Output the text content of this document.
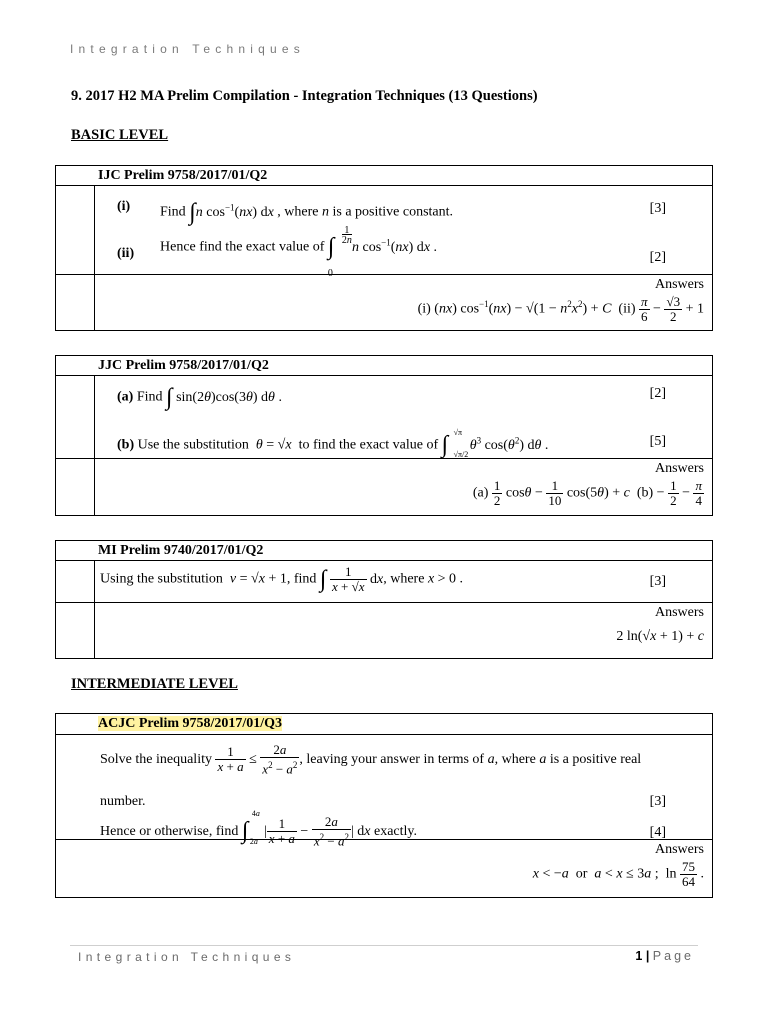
Integration Techniques
9. 2017 H2 MA Prelim Compilation - Integration Techniques (13 Questions)
BASIC LEVEL
IJC Prelim 9758/2017/01/Q2
(i) Find ∫n $\cos^{-1}(nx)$ dx , where n is a positive constant.	[3]
(ii) Hence find the exact value of ∫
1
2n
0
n $\cos^{-1}(nx)$ dx .
[2]
Answers
(i) (nx) $\cos^{-1}(nx) - √(1 - n^2x^2) + C$  $(ii) \frac{\pi}{6} - \frac{√3}{2} + 1$
JJC Prelim 9758/2017/01/Q2
(a) Find ∫ sin(2θ)cos(3θ) dθ .	[2]
(b) Use the substitution θ = √x to find the exact value of ∫ √π
√π/2
$\theta^3$ $\cos(\theta^2)$ dθ .	[5]
Answers
$(a) \frac{1}{2}$ $\cos\theta - \frac{1}{10} \cos(5\theta) + c$  $(b) - \frac{1}{2} - \frac{\pi}{4}$
MI Prelim 9740/2017/01/Q2
Using the substitution v = √x + 1, find ∫ $\frac{1}{x + √x}$ dx, where x > 0 .	[3]
Answers
2 ln(√x + 1) + c
INTERMEDIATE LEVEL
ACJC Prelim 9758/2017/01/Q3
Solve the inequality $\frac{1}{x + a} \le \frac{2a}{x^2 - a^2}$ , leaving your answer in terms of a, where a is a positive real
number.	[3]
Hence or otherwise, find ∫
4a
2a
| $\frac{1}{x + a} - \frac{2a}{x^2 - a^2}$ | dx exactly.	[4]
Answers
x < −a  or  a < x ≤ 3a ;  $\ln \frac{75}{64}$ .
Integration Techniques	1 | Page
